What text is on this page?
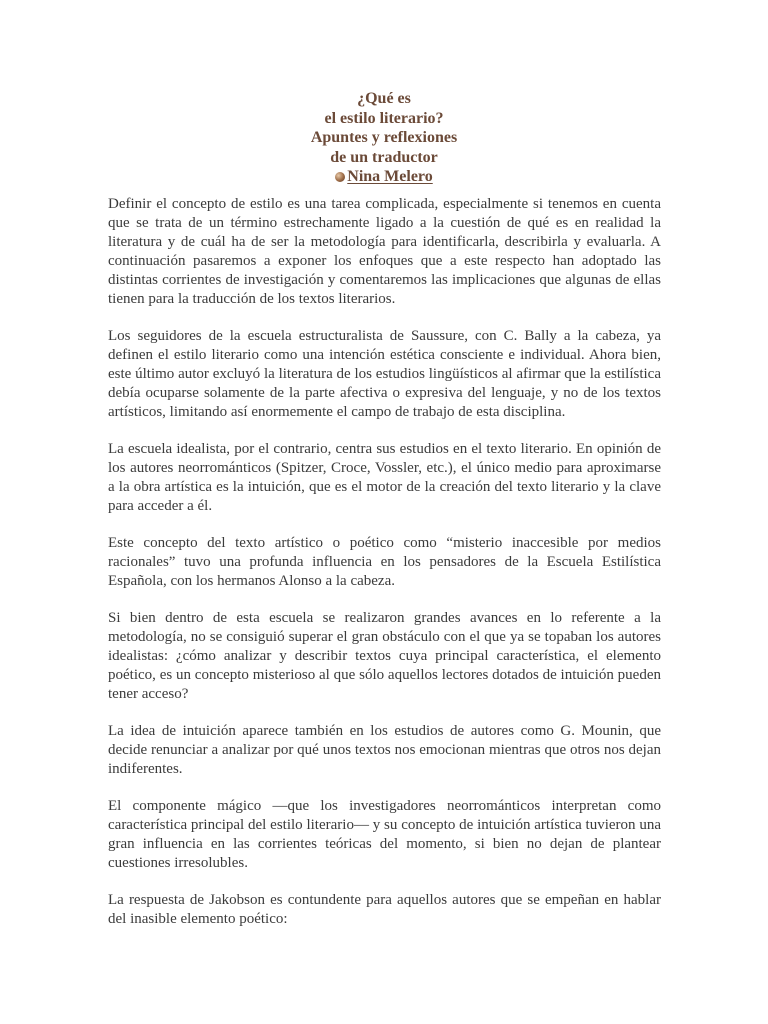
¿Qué es
el estilo literario?
Apuntes y reflexiones
de un traductor
Nina Melero

Definir el concepto de estilo es una tarea complicada, especialmente si tenemos en cuenta que se trata de un término estrechamente ligado a la cuestión de qué es en realidad la literatura y de cuál ha de ser la metodología para identificarla, describirla y evaluarla. A continuación pasaremos a exponer los enfoques que a este respecto han adoptado las distintas corrientes de investigación y comentaremos las implicaciones que algunas de ellas tienen para la traducción de los textos literarios.

Los seguidores de la escuela estructuralista de Saussure, con C. Bally a la cabeza, ya definen el estilo literario como una intención estética consciente e individual. Ahora bien, este último autor excluyó la literatura de los estudios lingüísticos al afirmar que la estilística debía ocuparse solamente de la parte afectiva o expresiva del lenguaje, y no de los textos artísticos, limitando así enormemente el campo de trabajo de esta disciplina.

La escuela idealista, por el contrario, centra sus estudios en el texto literario. En opinión de los autores neorrománticos (Spitzer, Croce, Vossler, etc.), el único medio para aproximarse a la obra artística es la intuición, que es el motor de la creación del texto literario y la clave para acceder a él.

Este concepto del texto artístico o poético como “misterio inaccesible por medios racionales” tuvo una profunda influencia en los pensadores de la Escuela Estilística Española, con los hermanos Alonso a la cabeza.

Si bien dentro de esta escuela se realizaron grandes avances en lo referente a la metodología, no se consiguió superar el gran obstáculo con el que ya se topaban los autores idealistas: ¿cómo analizar y describir textos cuya principal característica, el elemento poético, es un concepto misterioso al que sólo aquellos lectores dotados de intuición pueden tener acceso?

La idea de intuición aparece también en los estudios de autores como G. Mounin, que decide renunciar a analizar por qué unos textos nos emocionan mientras que otros nos dejan indiferentes.

El componente mágico —que los investigadores neorrománticos interpretan como característica principal del estilo literario— y su concepto de intuición artística tuvieron una gran influencia en las corrientes teóricas del momento, si bien no dejan de plantear cuestiones irresolubles.

La respuesta de Jakobson es contundente para aquellos autores que se empeñan en hablar del inasible elemento poético:
